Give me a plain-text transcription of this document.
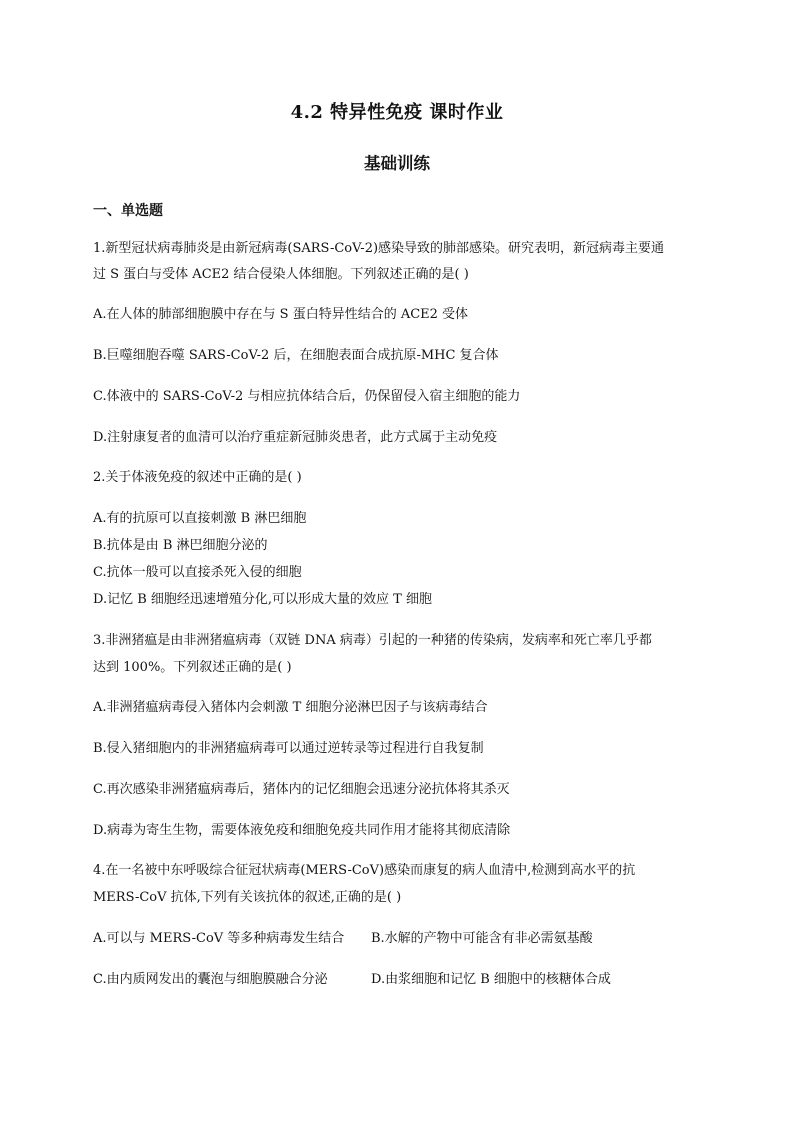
4.2 特异性免疫 课时作业
基础训练
一、单选题
1.新型冠状病毒肺炎是由新冠病毒(SARS-CoV-2)感染导致的肺部感染。研究表明，新冠病毒主要通
过 S 蛋白与受体 ACE2 结合侵染人体细胞。下列叙述正确的是( )
A.在人体的肺部细胞膜中存在与 S 蛋白特异性结合的 ACE2 受体
B.巨噬细胞吞噬 SARS-CoV-2 后，在细胞表面合成抗原-MHC 复合体
C.体液中的 SARS-CoV-2 与相应抗体结合后，仍保留侵入宿主细胞的能力
D.注射康复者的血清可以治疗重症新冠肺炎患者，此方式属于主动免疫
2.关于体液免疫的叙述中正确的是( )
A.有的抗原可以直接刺激 B 淋巴细胞
B.抗体是由 B 淋巴细胞分泌的
C.抗体一般可以直接杀死入侵的细胞
D.记忆 B 细胞经迅速增殖分化,可以形成大量的效应 T 细胞
3.非洲猪瘟是由非洲猪瘟病毒（双链 DNA 病毒）引起的一种猪的传染病，发病率和死亡率几乎都
达到 100%。下列叙述正确的是( )
A.非洲猪瘟病毒侵入猪体内会刺激 T 细胞分泌淋巴因子与该病毒结合
B.侵入猪细胞内的非洲猪瘟病毒可以通过逆转录等过程进行自我复制
C.再次感染非洲猪瘟病毒后，猪体内的记忆细胞会迅速分泌抗体将其杀灭
D.病毒为寄生生物，需要体液免疫和细胞免疫共同作用才能将其彻底清除
4.在一名被中东呼吸综合征冠状病毒(MERS-CoV)感染而康复的病人血清中,检测到高水平的抗
MERS-CoV 抗体,下列有关该抗体的叙述,正确的是( )
A.可以与 MERS-CoV 等多种病毒发生结合 B.水解的产物中可能含有非必需氨基酸
C.由内质网发出的囊泡与细胞膜融合分泌	D.由浆细胞和记忆 B 细胞中的核糖体合成
